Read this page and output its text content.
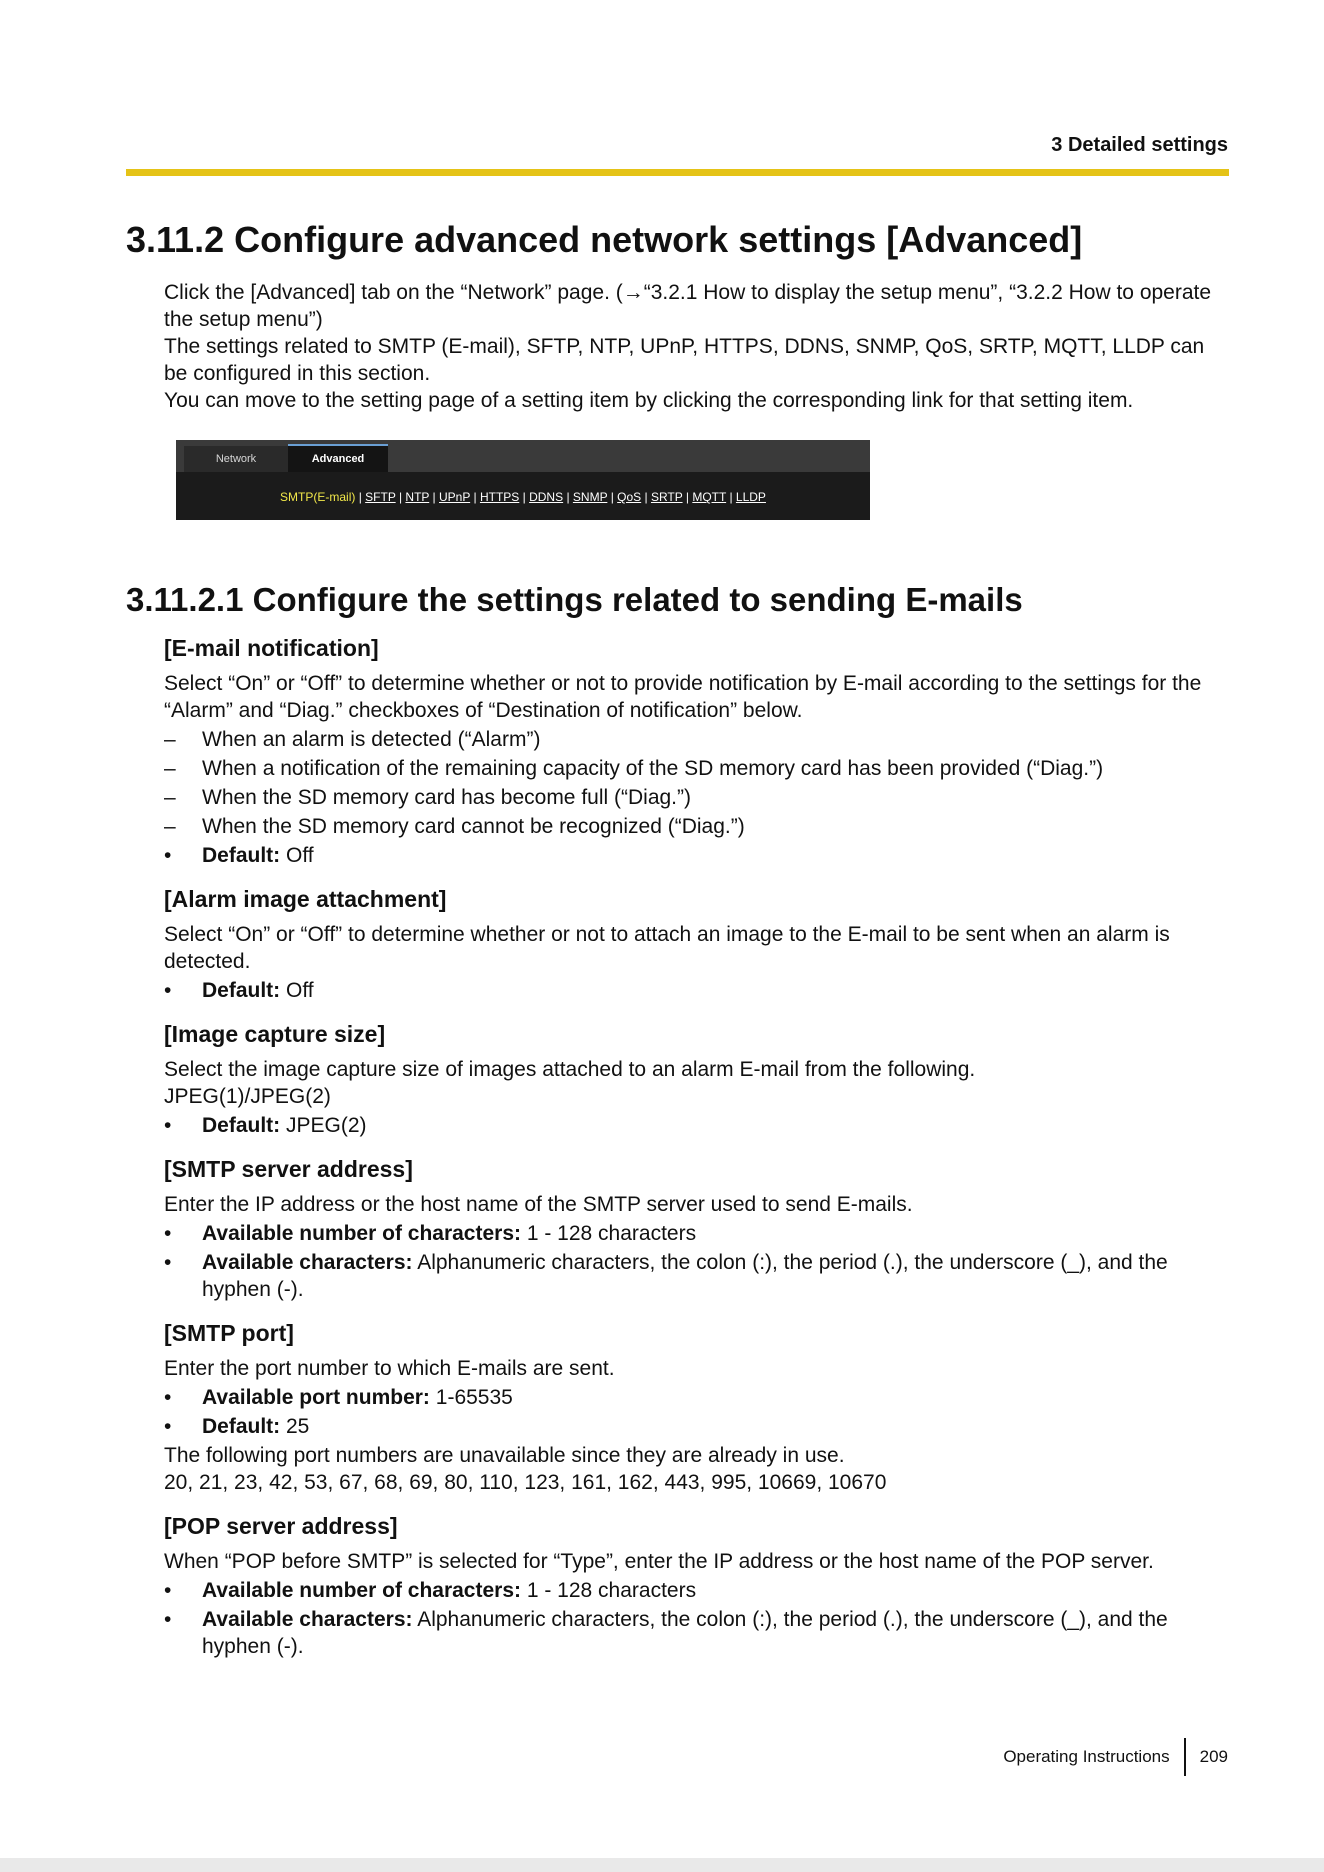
3 Detailed settings
3.11.2 Configure advanced network settings [Advanced]

Click the [Advanced] tab on the “Network” page. (→“3.2.1 How to display the setup menu”, “3.2.2 How to operate the setup menu”)

The settings related to SMTP (E-mail), SFTP, NTP, UPnP, HTTPS, DDNS, SNMP, QoS, SRTP, MQTT, LLDP can be configured in this section.

You can move to the setting page of a setting item by clicking the corresponding link for that setting item.

Network	Advanced
SMTP(E-mail) | SFTP | NTP | UPnP | HTTPS | DDNS | SNMP | QoS | SRTP | MQTT | LLDP
3.11.2.1 Configure the settings related to sending E-mails
[E-mail notification]

Select “On” or “Off” to determine whether or not to provide notification by E-mail according to the settings for the “Alarm” and “Diag.” checkboxes of “Destination of notification” below.

–	When an alarm is detected (“Alarm”)
–	When a notification of the remaining capacity of the SD memory card has been provided (“Diag.”)
–	When the SD memory card has become full (“Diag.”)
–	When the SD memory card cannot be recognized (“Diag.”)
•	Default: Off
[Alarm image attachment]

Select “On” or “Off” to determine whether or not to attach an image to the E-mail to be sent when an alarm is detected.

•	Default: Off
[Image capture size]

Select the image capture size of images attached to an alarm E-mail from the following.

JPEG(1)/JPEG(2)

•	Default: JPEG(2)
[SMTP server address]

Enter the IP address or the host name of the SMTP server used to send E-mails.

•	Available number of characters: 1 - 128 characters
•	Available characters: Alphanumeric characters, the colon (:), the period (.), the underscore (_), and the hyphen (-).
[SMTP port]

Enter the port number to which E-mails are sent.

•	Available port number: 1-65535
•	Default: 25

The following port numbers are unavailable since they are already in use.

20, 21, 23, 42, 53, 67, 68, 69, 80, 110, 123, 161, 162, 443, 995, 10669, 10670

[POP server address]

When “POP before SMTP” is selected for “Type”, enter the IP address or the host name of the POP server.

•	Available number of characters: 1 - 128 characters
•	Available characters: Alphanumeric characters, the colon (:), the period (.), the underscore (_), and the hyphen (-).
Operating Instructions 209
